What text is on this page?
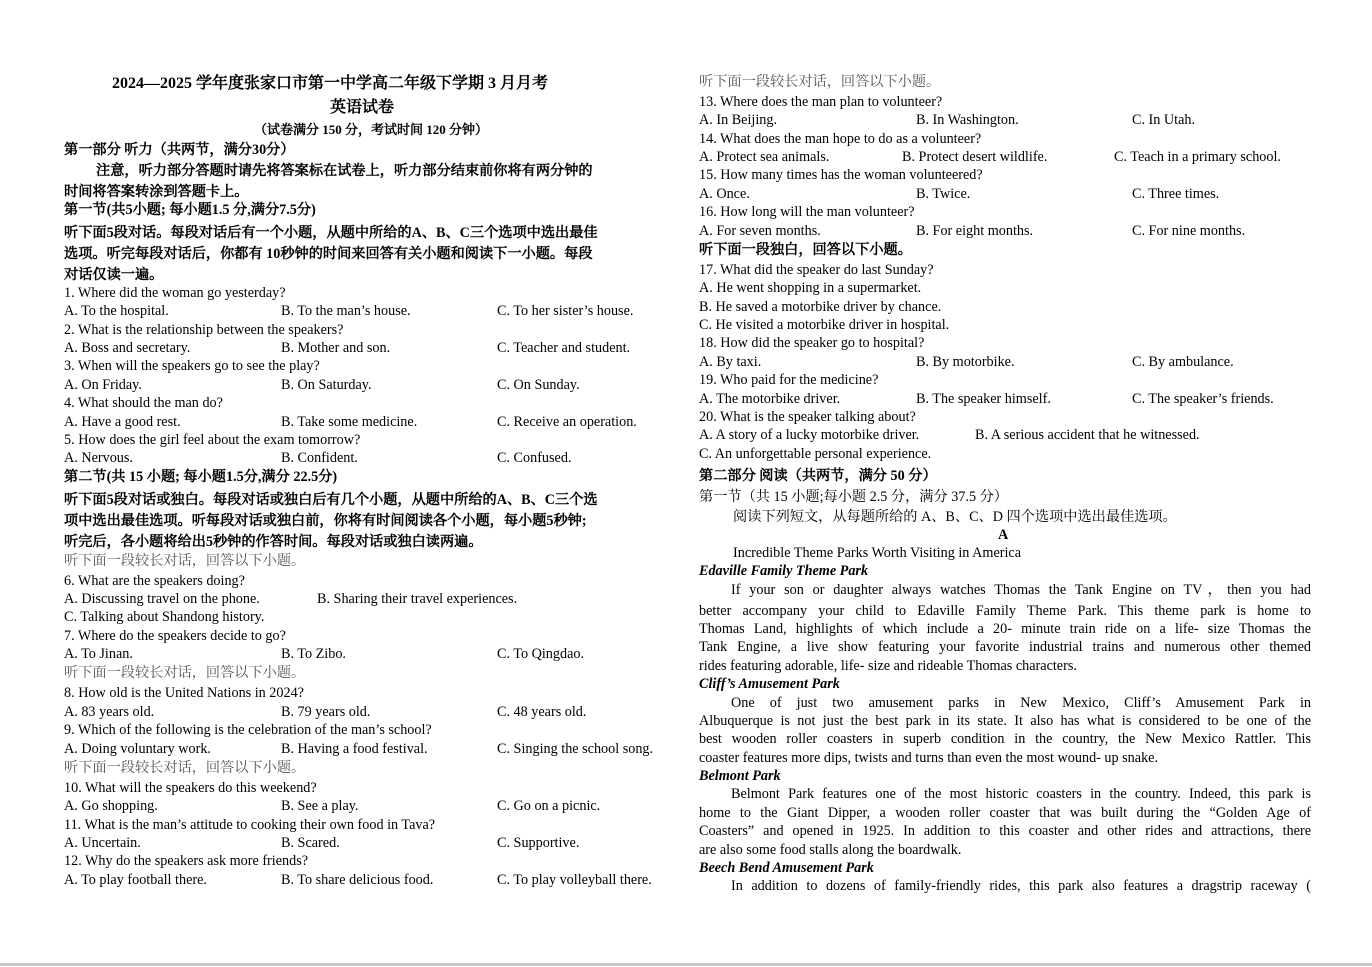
2024—2025 学年度张家口市第一中学高二年级下学期 3 月月考
英语试卷
（试卷满分 150 分，考试时间 120 分钟）
第一部分 听力（共两节，满分30分）
注意，听力部分答题时请先将答案标在试卷上，听力部分结束前你将有两分钟的
时间将答案转涂到答题卡上。
第一节(共5小题; 每小题1.5 分,满分7.5分)
听下面5段对话。每段对话后有一个小题，从题中所给的A、B、C三个选项中选出最佳
选项。听完每段对话后，你都有 10秒钟的时间来回答有关小题和阅读下一小题。每段
对话仅读一遍。
1. Where did the woman go yesterday?
A. To the hospital.	B. To the man’s house.	C. To her sister’s house.
2. What is the relationship between the speakers?
A. Boss and secretary.	B. Mother and son.	C. Teacher and student.
3. When will the speakers go to see the play?
A. On Friday.	B. On Saturday.	C. On Sunday.
4. What should the man do?
A. Have a good rest.	B. Take some medicine.	C. Receive an operation.
5. How does the girl feel about the exam tomorrow?
A. Nervous.	B. Confident.	C. Confused.
第二节(共 15 小题; 每小题1.5分,满分 22.5分)
听下面5段对话或独白。每段对话或独白后有几个小题，从题中所给的A、B、C三个选
项中选出最佳选项。听每段对话或独白前，你将有时间阅读各个小题，每小题5秒钟;
听完后，各小题将给出5秒钟的作答时间。每段对话或独白读两遍。
听下面一段较长对话，回答以下小题。
6. What are the speakers doing?
A. Discussing travel on the phone.	B. Sharing their travel experiences.
C. Talking about Shandong history.
7. Where do the speakers decide to go?
A. To Jinan.	B. To Zibo.	C. To Qingdao.
听下面一段较长对话，回答以下小题。
8. How old is the United Nations in 2024?
A. 83 years old.	B. 79 years old.	C. 48 years old.
9. Which of the following is the celebration of the man’s school?
A. Doing voluntary work.	B. Having a food festival.	C. Singing the school song.
听下面一段较长对话，回答以下小题。
10. What will the speakers do this weekend?
A. Go shopping.	B. See a play.	C. Go on a picnic.
11. What is the man’s attitude to cooking their own food in Tava?
A. Uncertain.	B. Scared.	C. Supportive.
12. Why do the speakers ask more friends?
A. To play football there.	B. To share delicious food.	C. To play volleyball there.
听下面一段较长对话，回答以下小题。
13. Where does the man plan to volunteer?
A. In Beijing.	B. In Washington.	C. In Utah.
14. What does the man hope to do as a volunteer?
A. Protect sea animals.	B. Protect desert wildlife.	C. Teach in a primary school.
15. How many times has the woman volunteered?
A. Once.	B. Twice.	C. Three times.
16. How long will the man volunteer?
A. For seven months.	B. For eight months.	C. For nine months.
听下面一段独白，回答以下小题。
17. What did the speaker do last Sunday?
A. He went shopping in a supermarket.
B. He saved a motorbike driver by chance.
C. He visited a motorbike driver in hospital.
18. How did the speaker go to hospital?
A. By taxi.	B. By motorbike.	C. By ambulance.
19. Who paid for the medicine?
A. The motorbike driver.	B. The speaker himself.	C. The speaker’s friends.
20. What is the speaker talking about?
A. A story of a lucky motorbike driver.	B. A serious accident that he witnessed.
C. An unforgettable personal experience.
第二部分 阅读（共两节，满分 50 分）
第一节（共 15 小题;每小题 2.5 分，满分 37.5 分）
阅读下列短文，从每题所给的 A、B、C、D 四个选项中选出最佳选项。
A
Incredible Theme Parks Worth Visiting in America
Edaville Family Theme Park
If your son or daughter always watches Thomas the Tank Engine on TV，then you had
better accompany your child to Edaville Family Theme Park. This theme park is home to
Thomas Land, highlights of which include a 20- minute train ride on a life- size Thomas the
Tank Engine, a live show featuring your favorite industrial trains and numerous other themed
rides featuring adorable, life- size and rideable Thomas characters.
Cliff’s Amusement Park
One of just two amusement parks in New Mexico, Cliff’s Amusement Park in
Albuquerque is not just the best park in its state. It also has what is considered to be one of the
best wooden roller coasters in superb condition in the country, the New Mexico Rattler. This
coaster features more dips, twists and turns than even the most wound- up snake.
Belmont Park
Belmont Park features one of the most historic coasters in the country. Indeed, this park is
home to the Giant Dipper, a wooden roller coaster that was built during the “Golden Age of
Coasters” and opened in 1925. In addition to this coaster and other rides and attractions, there
are also some food stalls along the boardwalk.
Beech Bend Amusement Park
In addition to dozens of family-friendly rides, this park also features a dragstrip raceway (
